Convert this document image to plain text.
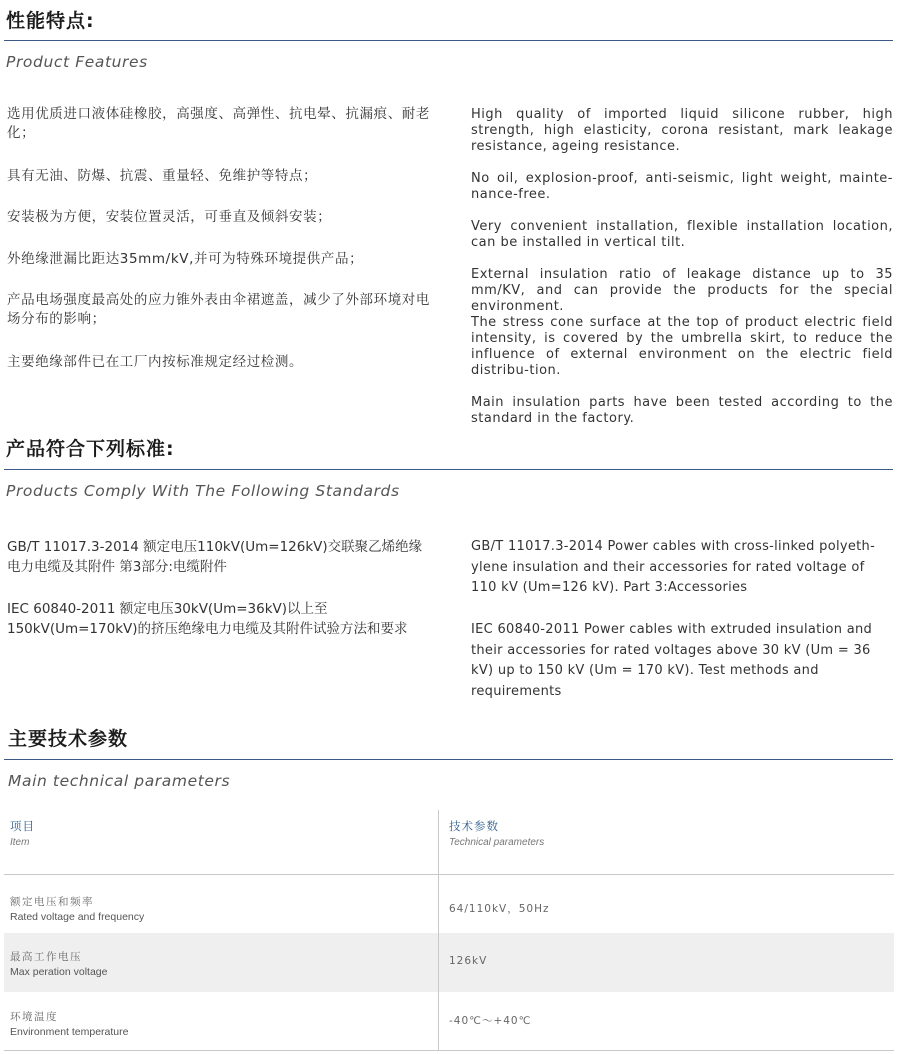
性能特点:
Product Features
选用优质进口液体硅橡胶，高强度、高弹性、抗电晕、抗漏痕、耐老化；
具有无油、防爆、抗震、重量轻、免维护等特点；
安装极为方便，安装位置灵活，可垂直及倾斜安装；
外绝缘泄漏比距达35mm/kV,并可为特殊环境提供产品；
产品电场强度最高处的应力锥外表由伞裙遮盖，减少了外部环境对电场分布的影响；
主要绝缘部件已在工厂内按标准规定经过检测。
High quality of imported liquid silicone rubber, high strength, high elasticity, corona resistant, mark leakage resistance, ageing resistance.
No oil, explosion-proof, anti-seismic, light weight, mainte-nance-free.
Very convenient installation, flexible installation location, can be installed in vertical tilt.
External insulation ratio of leakage distance up to 35 mm/KV, and can provide the products for the special environment.
The stress cone surface at the top of product electric field intensity, is covered by the umbrella skirt, to reduce the influence of external environment on the electric field distribu-tion.
Main insulation parts have been tested according to the standard in the factory.
产品符合下列标准:
Products Comply With The Following Standards
GB/T 11017.3-2014 额定电压110kV(Um=126kV)交联聚乙烯绝缘电力电缆及其附件 第3部分:电缆附件
IEC 60840-2011 额定电压30kV(Um=36kV)以上至150kV(Um=170kV)的挤压绝缘电力电缆及其附件试验方法和要求
GB/T 11017.3-2014 Power cables with cross-linked polyeth-ylene insulation and their accessories for rated voltage of 110 kV (Um=126 kV). Part 3:Accessories
IEC 60840-2011 Power cables with extruded insulation and their accessories for rated voltages above 30 kV (Um = 36 kV) up to 150 kV (Um = 170 kV). Test methods and requirements
主要技术参数
Main technical parameters
项目
Item
技术参数
Technical parameters
额定电压和频率
Rated voltage and frequency
64/110kV，50Hz
最高工作电压
Max peration voltage
126kV
环境温度
Environment temperature
-40℃～+40℃
